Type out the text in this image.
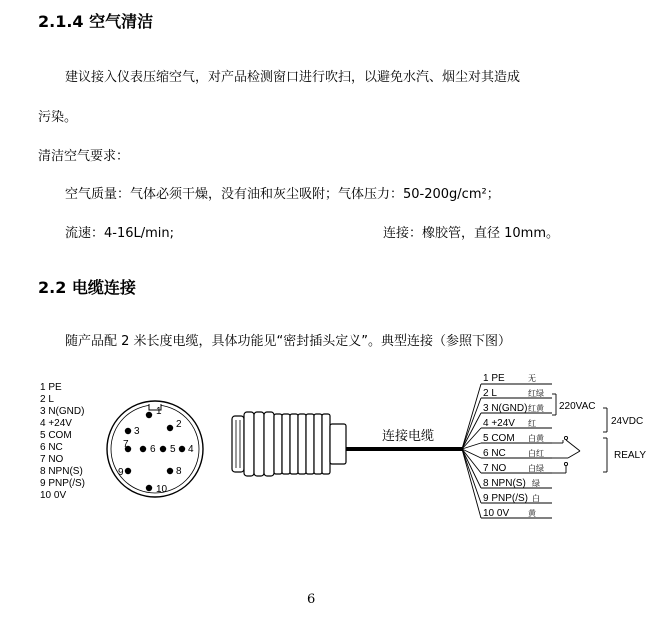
2.1.4 空气清洁
建议接入仪表压缩空气，对产品检测窗口进行吹扫，以避免水汽、烟尘对其造成
污染。
清洁空气要求：
空气质量：气体必须干燥，没有油和灰尘吸附；气体压力：50-200g/cm²；
流速：4-16L/min;	连接：橡胶管，直径 10mm。
2.2 电缆连接
随产品配 2 米长度电缆，具体功能见“密封插头定义”。典型连接（参照下图）
1 PE
2 L
3 N(GND)
4 +24V
5 COM
6 NC
7 NO
8 NPN(S)
9 PNP(/S)
10 0V
1
2
5 4
6
7
8
9
10
3	连接电缆
1 PE	无
2 L	红绿
3 N(GND) 红黄
4 +24V 红
5 COM 白黄
6 NC	白红
7 NO	白绿
8 NPN(S) 绿
9 PNP(/S) 白
10 0V 黄
220VAC
24VDC
REALY
6
